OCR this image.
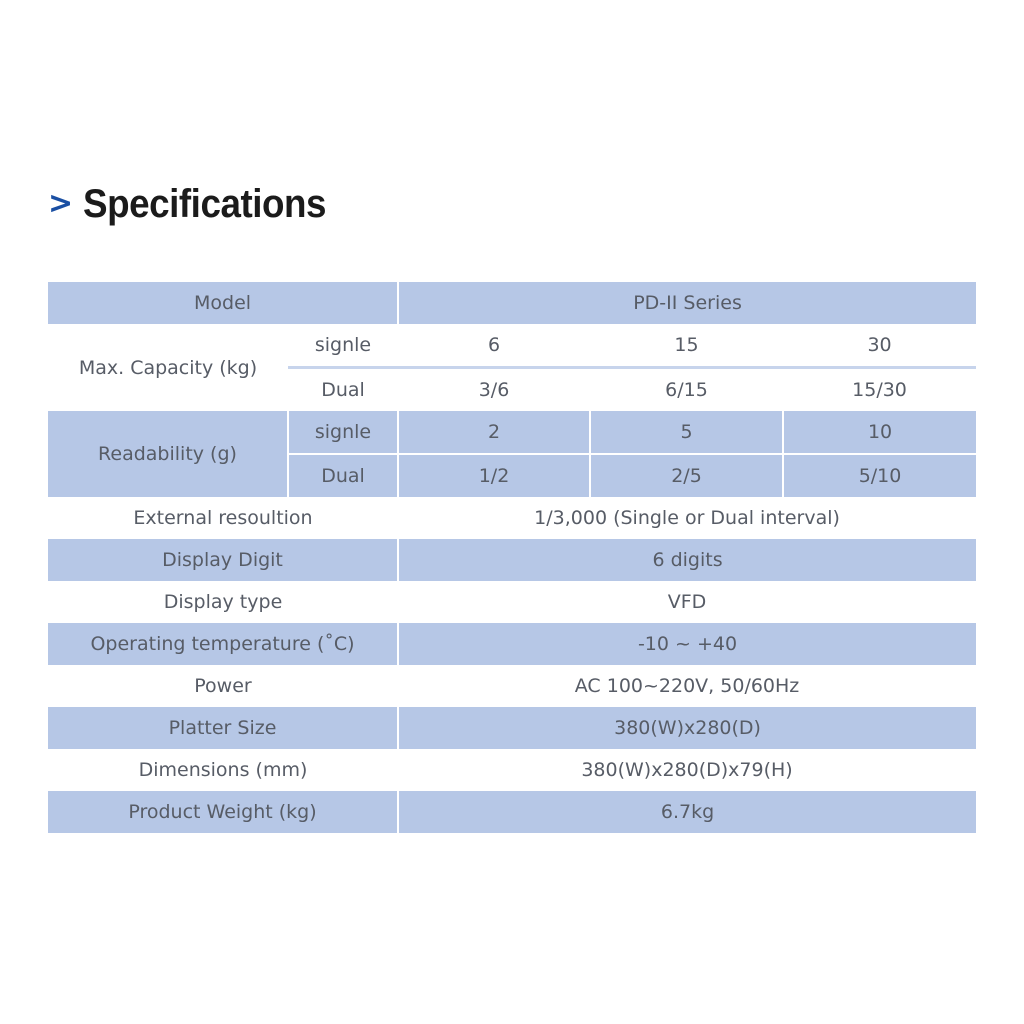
> Specifications
Model		PD-II Series		
Max. Capacity (kg)	signle	6	15	30
	Dual	3/6	6/15	15/30
Readability (g)	signle	2	5	10
	Dual	1/2	2/5	5/10
External resoultion		1/3,000 (Single or Dual interval)		
Display Digit		6 digits		
Display type		VFD		
Operating temperature (˚C)		-10 ~ +40		
Power		AC 100~220V, 50/60Hz		
Platter Size		380(W)x280(D)		
Dimensions (mm)		380(W)x280(D)x79(H)		
Product Weight (kg)		6.7kg		
